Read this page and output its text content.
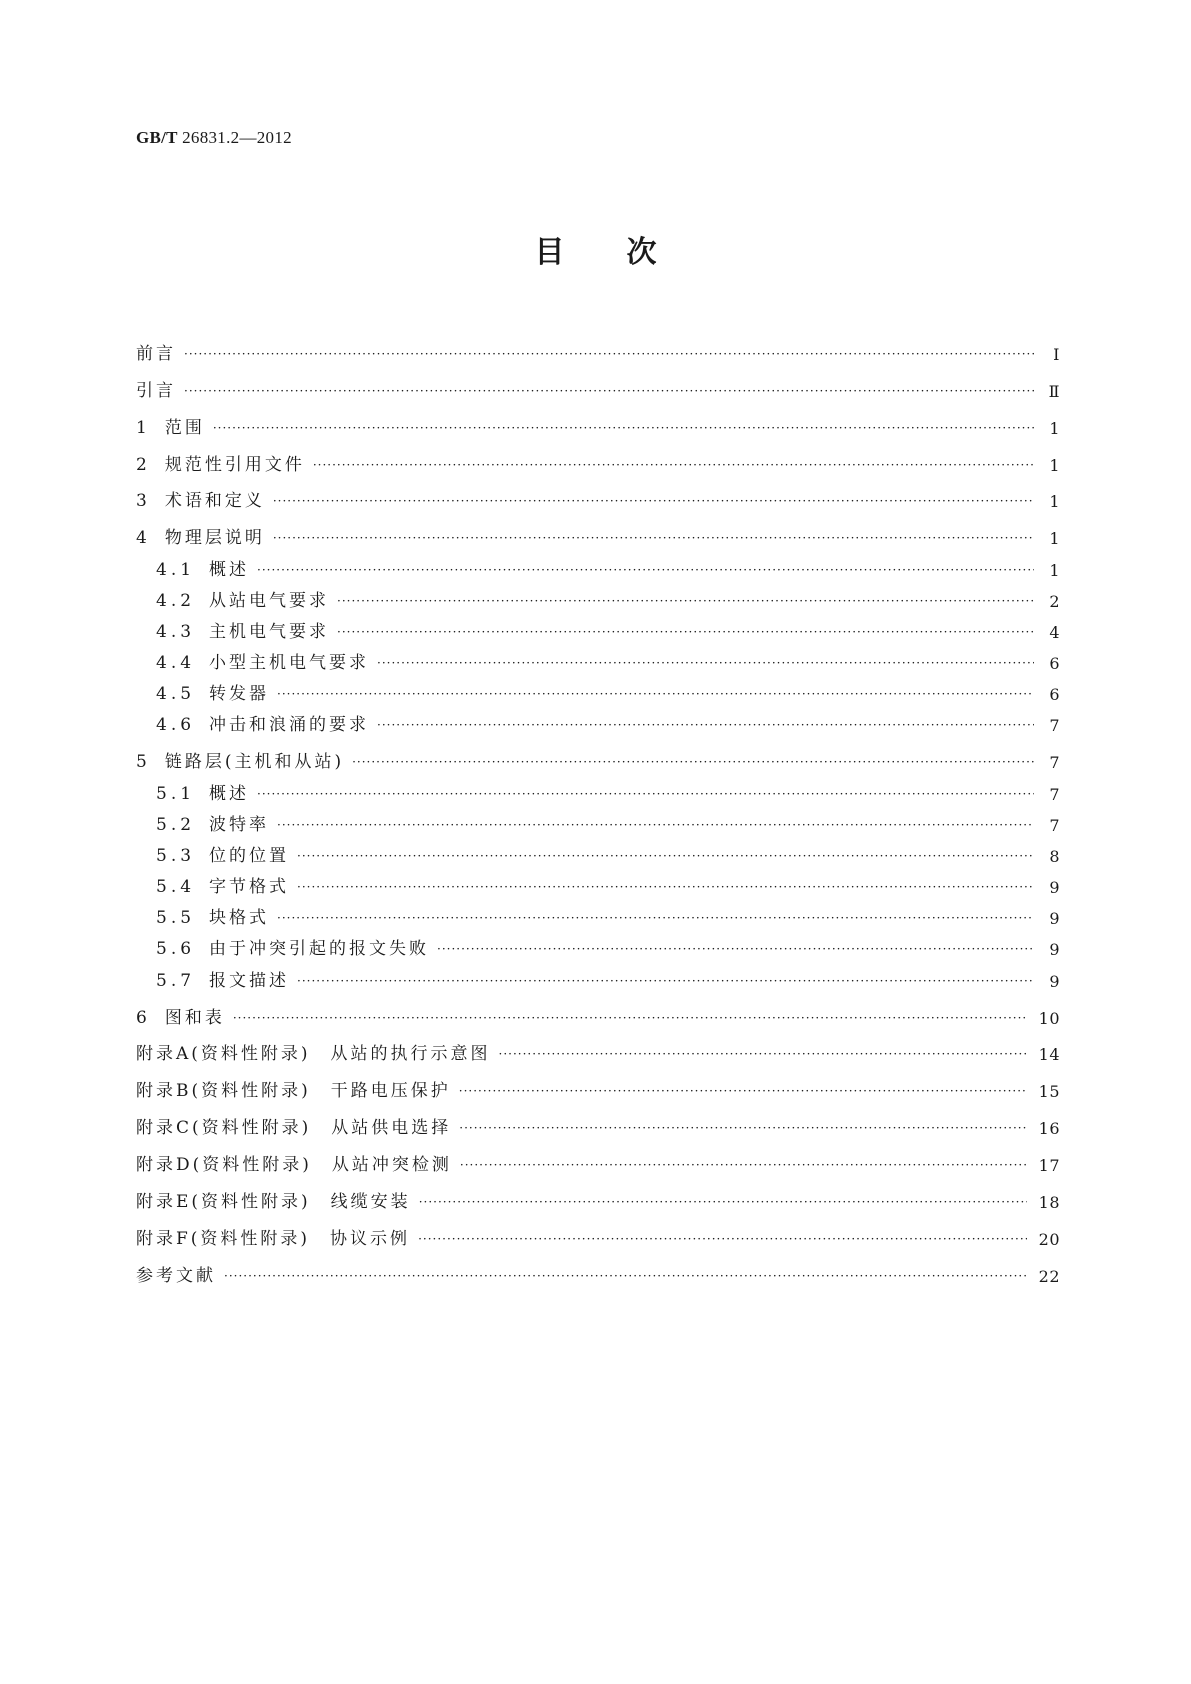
GB/T 26831.2—2012
目次
前言 ·····	Ⅰ
引言 ·····	Ⅱ
1 范围 ·····	1
2 规范性引用文件 ·····	1
3 术语和定义 ·····	1
4 物理层说明 ·····	1
4.1 概述 ·····	1
4.2 从站电气要求 ·····	2
4.3 主机电气要求 ·····	4
4.4 小型主机电气要求 ·····	6
4.5 转发器 ·····	6
4.6 冲击和浪涌的要求 ·····	7
5 链路层(主机和从站) ·····	7
5.1 概述 ·····	7
5.2 波特率 ·····	7
5.3 位的位置 ·····	8
5.4 字节格式 ·····	9
5.5 块格式 ·····	9
5.6 由于冲突引起的报文失败 ·····	9
5.7 报文描述 ·····	9
6 图和表 ·····	10
附录A(资料性附录)　从站的执行示意图 ·····	14
附录B(资料性附录)　干路电压保护 ·····	15
附录C(资料性附录)　从站供电选择 ·····	16
附录D(资料性附录)　从站冲突检测 ·····	17
附录E(资料性附录)　线缆安装 ·····	18
附录F(资料性附录)　协议示例 ·····	20
参考文献 ·····	22
